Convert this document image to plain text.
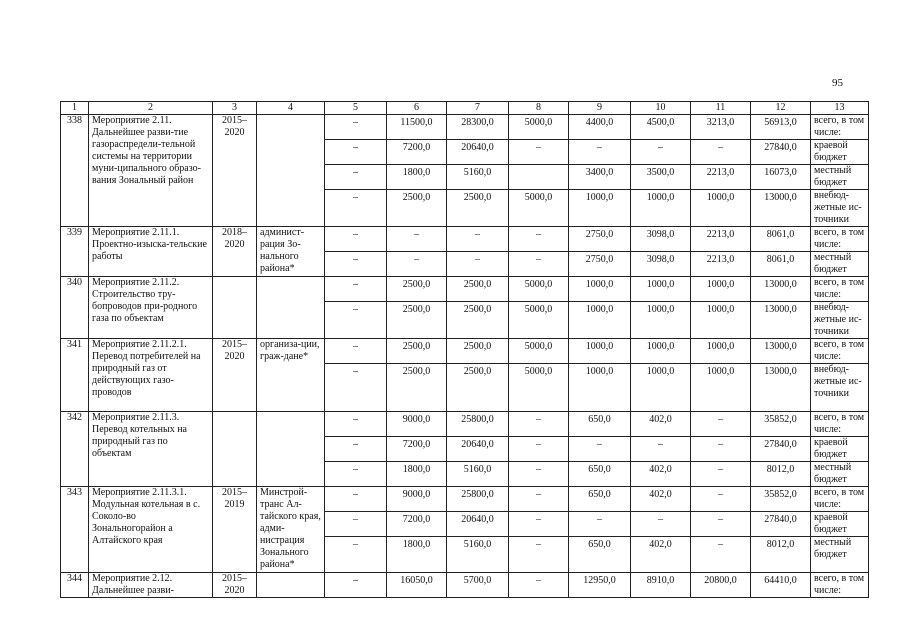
95
1	2	3	4	5	6	7	8	9	10	11	12	13
338	Мероприятие 2.11. Дальнейшее разви-тие газораспредели-тельной системы на территории муни-ципального образо-вания Зональный район	2015–2020		–	11500,0	28300,0	5000,0	4400,0	4500,0	3213,0	56913,0	всего, в том числе:
				–	7200,0	20640,0	–	–	–	–	27840,0	краевой бюджет
				–	1800,0	5160,0		3400,0	3500,0	2213,0	16073,0	местный бюджет
				–	2500,0	2500,0	5000,0	1000,0	1000,0	1000,0	13000,0	внебюд-жетные ис-точники
339	Мероприятие 2.11.1. Проектно-изыска-тельские работы	2018–2020	админист-рация Зо-нального района*	–	–	–	–	2750,0	3098,0	2213,0	8061,0	всего, в том числе:
				–	–	–	–	2750,0	3098,0	2213,0	8061,0	местный бюджет
340	Мероприятие 2.11.2. Строительство тру-бопроводов при-родного газа по объектам			–	2500,0	2500,0	5000,0	1000,0	1000,0	1000,0	13000,0	всего, в том числе:
				–	2500,0	2500,0	5000,0	1000,0	1000,0	1000,0	13000,0	внебюд-жетные ис-точники
341	Мероприятие 2.11.2.1. Перевод потребителей на природный газ от действующих газо-проводов	2015–2020	организа-ции, граж-дане*	–	2500,0	2500,0	5000,0	1000,0	1000,0	1000,0	13000,0	всего, в том числе:
				–	2500,0	2500,0	5000,0	1000,0	1000,0	1000,0	13000,0	внебюд-жетные ис-точники
342	Мероприятие 2.11.3. Перевод котельных на природный газ по объектам			–	9000,0	25800,0	–	650,0	402,0	–	35852,0	всего, в том числе:
				–	7200,0	20640,0	–	–	–	–	27840,0	краевой бюджет
				–	1800,0	5160,0	–	650,0	402,0	–	8012,0	местный бюджет
343	Мероприятие 2.11.3.1. Модульная котельная в с. Соколо-во Зональногорайон а Алтайского края	2015–2019	Минстрой-транс Ал-тайского края, адми-нистрация Зонального района*	–	9000,0	25800,0	–	650,0	402,0	–	35852,0	всего, в том числе:
				–	7200,0	20640,0	–	–	–	–	27840,0	краевой бюджет
				–	1800,0	5160,0	–	650,0	402,0	–	8012,0	местный бюджет
344	Мероприятие 2.12. Дальнейшее разви-	2015–2020		–	16050,0	5700,0	–	12950,0	8910,0	20800,0	64410,0	всего, в том числе:
